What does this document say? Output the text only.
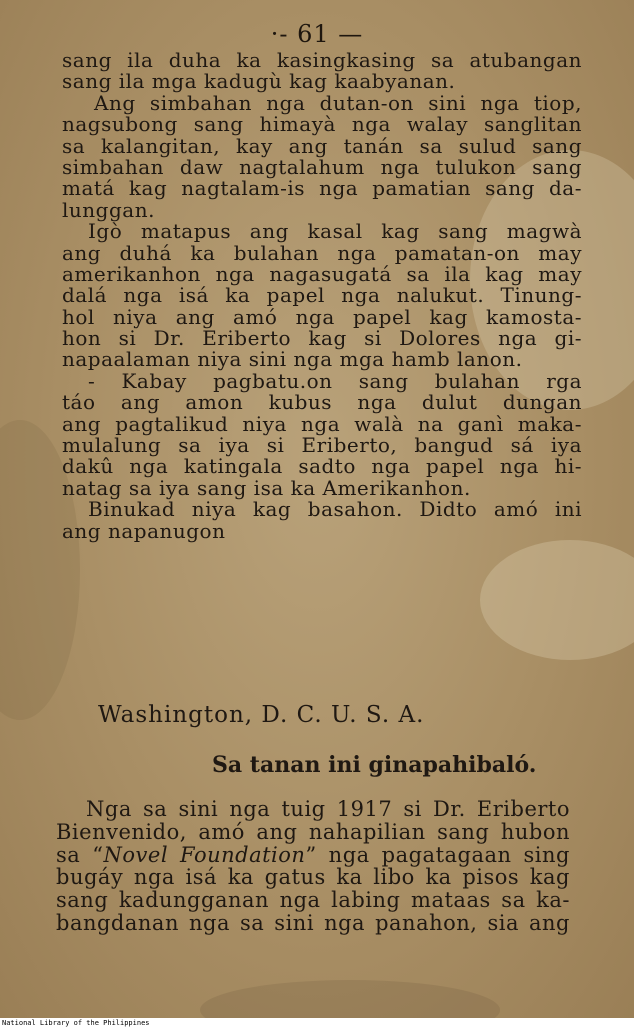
·- 61 —
sang ila duha ka kasingkasing sa atubangan
sang ila mga kadugù kag kaabyanan.
Ang simbahan nga dutan-on sini nga tiop,
nagsubong sang himayà nga walay sanglitan
sa kalangitan, kay ang tanán sa sulud sang
simbahan daw nagtalahum nga tulukon sang
matá kag nagtalam-is nga pamatian sang da-
lunggan.
Igò matapus ang kasal kag sang magwà
ang duhá ka bulahan nga pamatan-on may
amerikanhon nga nagasugatá sa ila kag may
dalá nga isá ka papel nga nalukut. Tinung-
hol niya ang amó nga papel kag kamosta-
hon si Dr. Eriberto kag si Dolores nga gi-
napaalaman niya sini nga mga hamb lanon.
- Kabay pagbatu.on sang bulahan rga
táo ang amon kubus nga dulut dungan
ang pagtalikud niya nga walà na ganì maka-
mulalung sa iya si Eriberto, bangud sá iya
dakû nga katingala sadto nga papel nga hi-
natag sa iya sang isa ka Amerikanhon.
Binukad niya kag basahon. Didto amó ini
ang napanugon
Washington, D. C. U. S. A.
Sa tanan ini ginapahibaló.
Nga sa sini nga tuig 1917 si Dr. Eriberto
Bienvenido, amó ang nahapilian sang hubon
sa “Novel Foundation” nga pagatagaan sing
bugáy nga isá ka gatus ka libo ka pisos kag
sang kadungganan nga labing mataas sa ka-
bangdanan nga sa sini nga panahon, sia ang
National Library of the Philippines
